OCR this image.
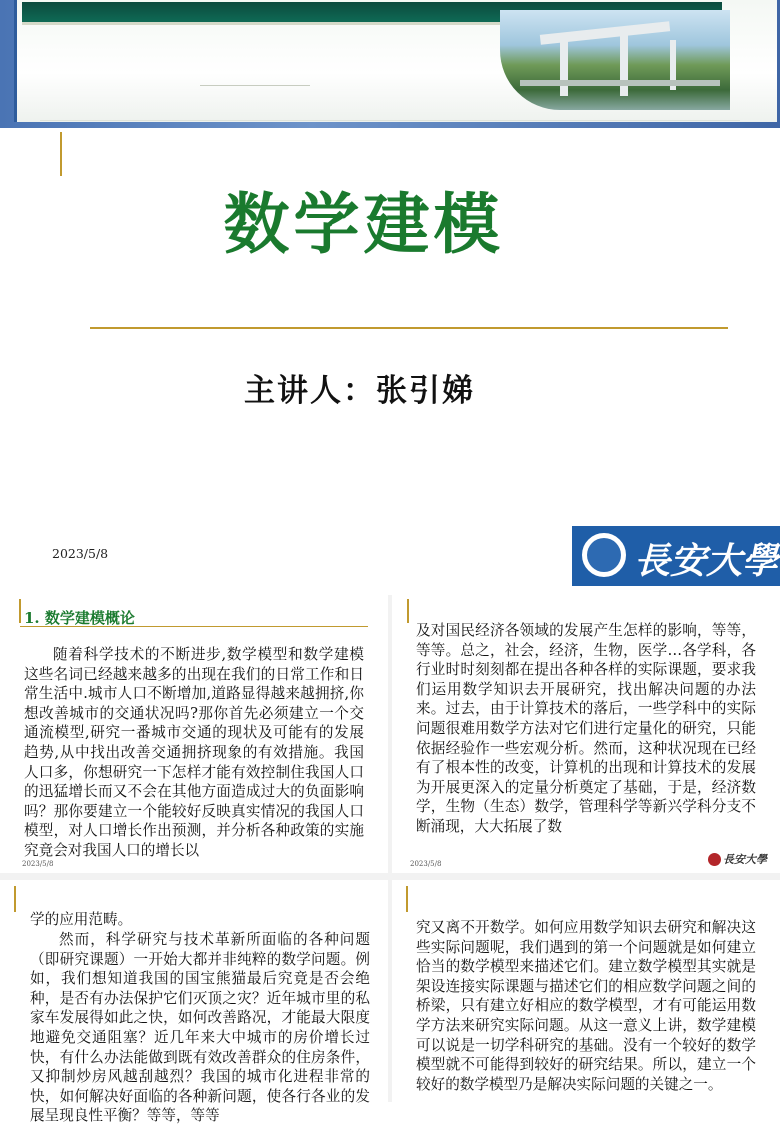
数学建模
主讲人：张引娣
2023/5/8	長安大學
随着科学技术的不断进步,数学模型和数学建模这些名词已经越来越多的出现在我们的日常工作和日常生活中.城市人口不断增加,道路显得越来越拥挤,你想改善城市的交通状况吗?那你首先必须建立一个交通流模型,研究一番城市交通的现状及可能有的发展趋势,从中找出改善交通拥挤现象的有效措施。我国人口多，你想研究一下怎样才能有效控制住我国人口的迅猛增长而又不会在其他方面造成过大的负面影响吗？那你要建立一个能较好反映真实情况的我国人口模型，对人口增长作出预测，并分析各种政策的实施究竟会对我国人口的增长以
2023/5/8
1. 数学建模概论
及对国民经济各领域的发展产生怎样的影响，等等，等等。总之，社会，经济，生物，医学…各学科，各行业时时刻刻都在提出各种各样的实际课题，要求我们运用数学知识去开展研究，找出解决问题的办法来。过去，由于计算技术的落后，一些学科中的实际问题很难用数学方法对它们进行定量化的研究，只能依据经验作一些宏观分析。然而，这种状况现在已经有了根本性的改变，计算机的出现和计算技术的发展为开展更深入的定量分析奠定了基础，于是，经济数学，生物（生态）数学，管理科学等新兴学科分支不断涌现，大大拓展了数
2023/5/8	長安大學
学的应用范畴。
然而，科学研究与技术革新所面临的各种问题（即研究课题）一开始大都并非纯粹的数学问题。例如，我们想知道我国的国宝熊猫最后究竟是否会绝种，是否有办法保护它们灭顶之灾？近年城市里的私家车发展得如此之快，如何改善路况，才能最大限度地避免交通阻塞？近几年来大中城市的房价增长过快，有什么办法能做到既有效改善群众的住房条件，又抑制炒房风越刮越烈？我国的城市化进程非常的快，如何解决好面临的各种新问题，使各行各业的发展呈现良性平衡？等等，等等
究又离不开数学。如何应用数学知识去研究和解决这些实际问题呢，我们遇到的第一个问题就是如何建立恰当的数学模型来描述它们。建立数学模型其实就是架设连接实际课题与描述它们的相应数学问题之间的桥梁，只有建立好相应的数学模型，才有可能运用数学方法来研究实际问题。从这一意义上讲，数学建模可以说是一切学科研究的基础。没有一个较好的数学模型就不可能得到较好的研究结果。所以，建立一个较好的数学模型乃是解决实际问题的关键之一。
